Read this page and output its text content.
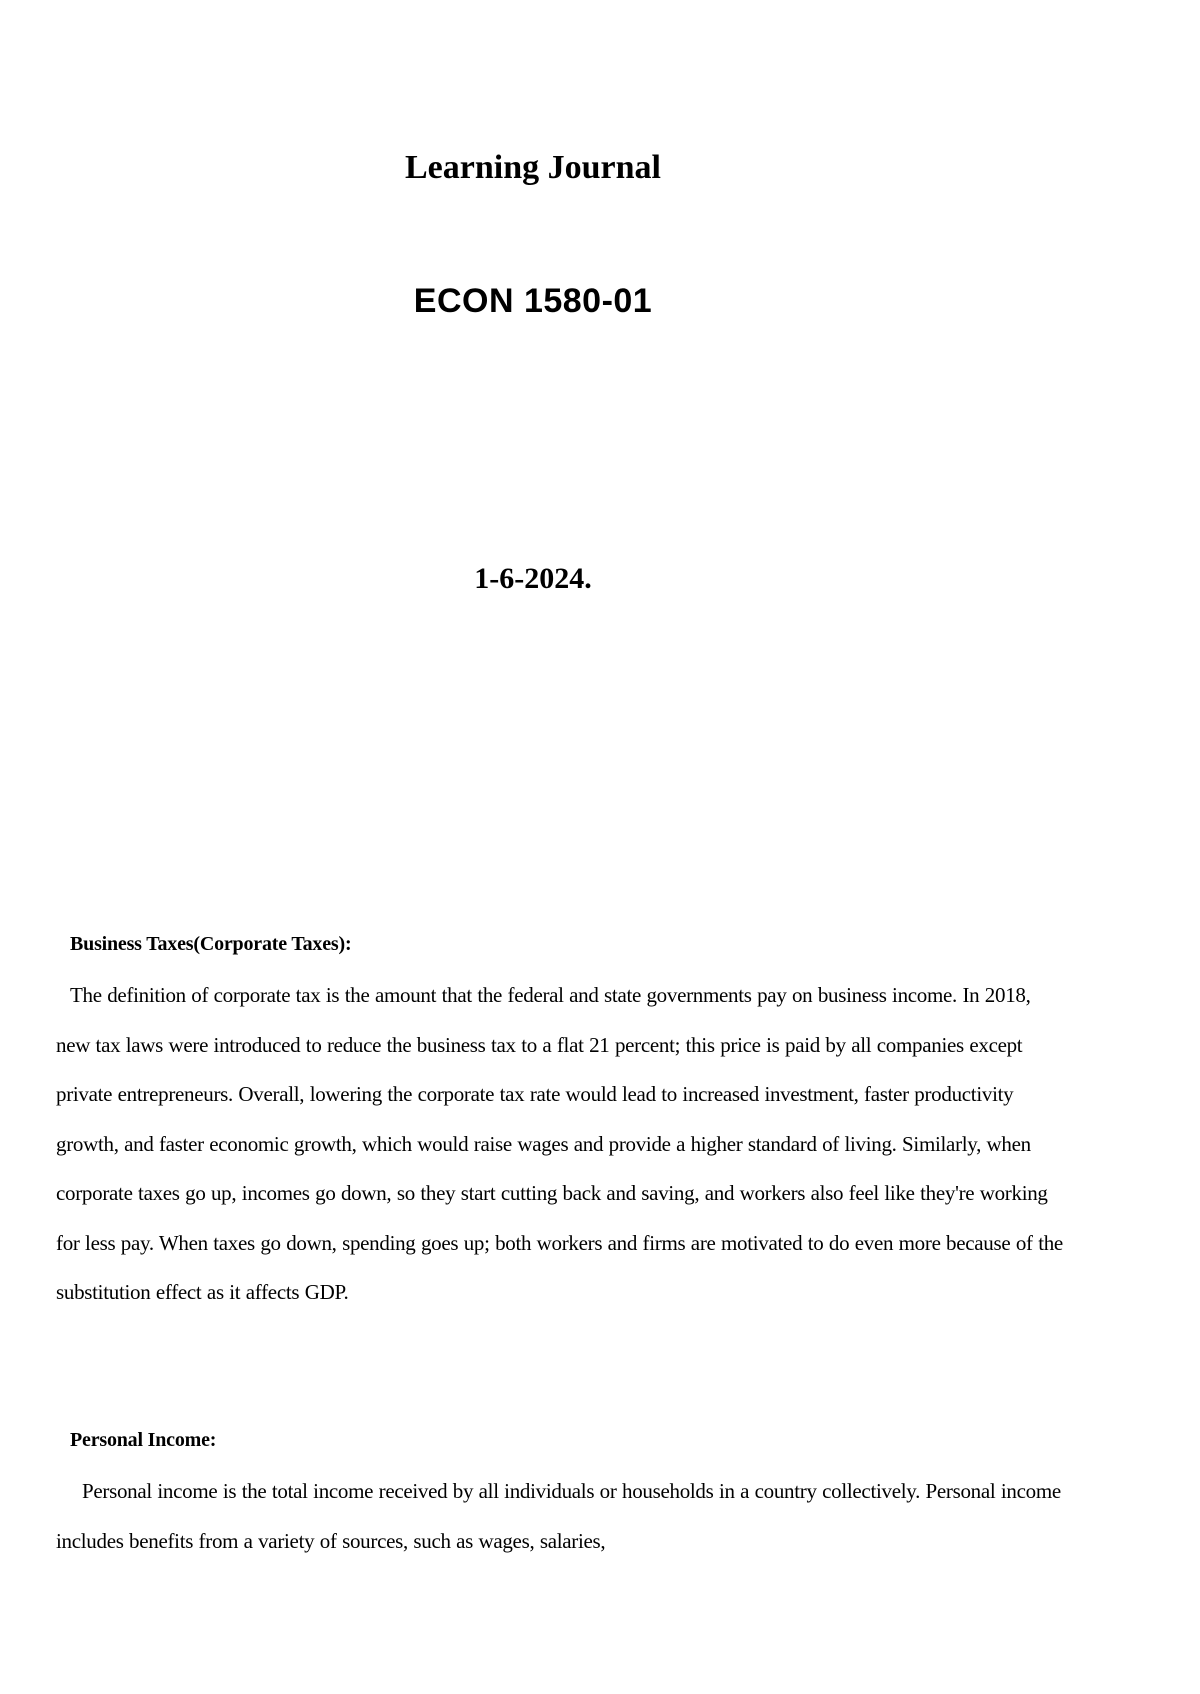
Learning Journal
ECON 1580-01
1-6-2024.
Business Taxes(Corporate Taxes):

The definition of corporate tax is the amount that the federal and state governments pay on business income. In 2018, new tax laws were introduced to reduce the business tax to a flat 21 percent; this price is paid by all companies except private entrepreneurs. Overall, lowering the corporate tax rate would lead to increased investment, faster productivity growth, and faster economic growth, which would raise wages and provide a higher standard of living. Similarly, when corporate taxes go up, incomes go down, so they start cutting back and saving, and workers also feel like they're working for less pay. When taxes go down, spending goes up; both workers and firms are motivated to do even more because of the substitution effect as it affects GDP.

Personal Income:

Personal income is the total income received by all individuals or households in a country collectively. Personal income includes benefits from a variety of sources, such as wages, salaries,
